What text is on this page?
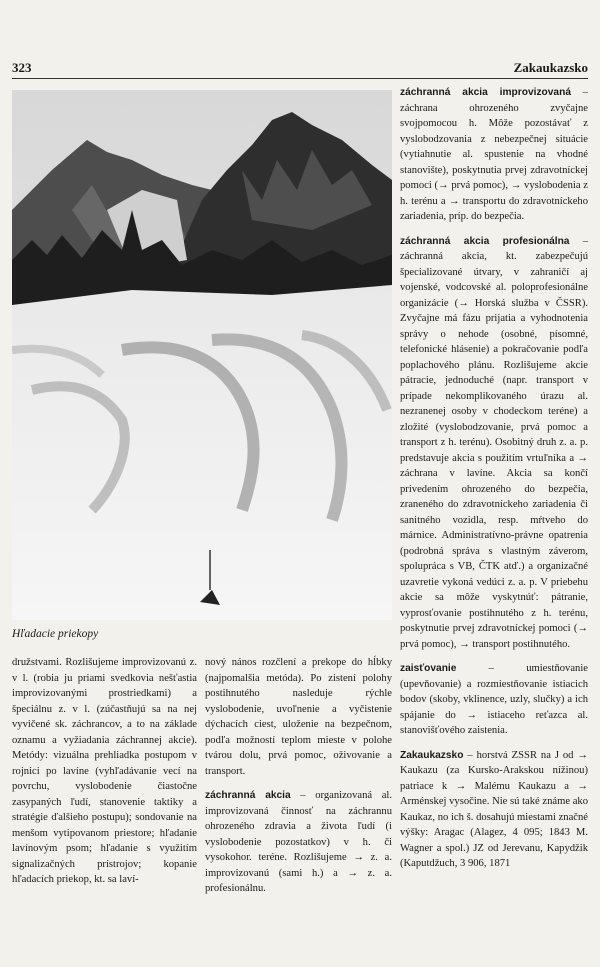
323	Zakaukazsko
Hľadacie priekopy

záchranná akcia improvizovaná – záchrana ohrozeného zvyčajne svojpomocou h. Môže pozostávať z vyslobodzovania z nebezpečnej situácie (vytiahnutie al. spustenie na vhodné stanovište), poskytnutia prvej zdravotníckej pomoci (→ prvá pomoc), → vyslobodenia z h. terénu a → transportu do zdravotníckeho zariadenia, príp. do bezpečia.

záchranná akcia profesionálna – záchranná akcia, kt. zabezpečujú špecializované útvary, v zahraničí aj vojenské, vodcovské al. poloprofesionálne organizácie (→ Horská služba v ČSSR). Zvyčajne má fázu prijatia a vyhodnotenia správy o nehode (osobné, písomné, telefonické hlásenie) a pokračovanie podľa poplachového plánu. Rozlišujeme akcie pátracie, jednoduché (napr. transport v prípade nekomplikovaného úrazu al. nezranenej osoby v chodeckom teréne) a zložité (vyslobodzovanie, prvá pomoc a transport z h. terénu). Osobitný druh z. a. p. predstavuje akcia s použitím vrtuľníka a → záchrana v lavíne. Akcia sa končí privedením ohrozeného do bezpečia, zraneného do zdravotníckeho zariadenia či sanitného vozidla, resp. mŕtveho do márnice. Administratívno-právne opatrenia (podrobná správa s vlastným záverom, spolupráca s VB, ČTK atď.) a organizačné uzavretie vykoná vedúci z. a. p. V priebehu akcie sa môže vyskytnúť: pátranie, vyprosťovanie postihnutého z h. terénu, poskytnutie prvej zdravotníckej pomoci (→ prvá pomoc), → transport postihnutého.

zaisťovanie – umiestňovanie (upevňovanie) a rozmiestňovanie istiacich bodov (skoby, vklinence, uzly, slučky) a ich spájanie do → istiaceho reťazca al. stanovišťového zaistenia.

Zakaukazsko – horstvá ZSSR na J od → Kaukazu (za Kursko-Arakskou nížinou) patriace k → Malému Kaukazu a → Arménskej vysočine. Nie sú také známe ako Kaukaz, no ich š. dosahujú miestami značné výšky: Aragac (Alagez, 4 095; 1843 M. Wagner a spol.) JZ od Jerevanu, Kapydžik (Kaputdžuch, 3 906, 1871

družstvami. Rozlišujeme improvizovanú z. v l. (robia ju priami svedkovia nešťastia improvizovanými prostriedkami) a špeciálnu z. v l. (zúčastňujú sa na nej vyvičené sk. záchrancov, a to na základe oznamu a vyžiadania záchrannej akcie). Metódy: vizuálna prehliadka postupom v rojnici po lavíne (vyhľadávanie vecí na povrchu, vyslobodenie čiastočne zasypaných ľudí, stanovenie taktiky a stratégie ďalšieho postupu); sondovanie na menšom vytipovanom priestore; hľadanie lavínovým psom; hľadanie s využitím signalizačných prístrojov; kopanie hľadacích priekop, kt. sa laví-

nový nános rozčlení a prekope do hĺbky (najpomalšia metóda). Po zistení polohy postihnutého nasleduje rýchle vyslobodenie, uvoľnenie a vyčistenie dýchacích ciest, uloženie na bezpečnom, podľa možností teplom mieste v polohe tvárou dolu, prvá pomoc, oživovanie a transport.

záchranná akcia – organizovaná al. improvizovaná činnosť na záchrannu ohrozeného zdravia a života ľudí (i vyslobodenie pozostatkov) v h. či vysokohor. teréne. Rozlišujeme → z. a. improvizovanú (sami h.) a → z. a. profesionálnu.
